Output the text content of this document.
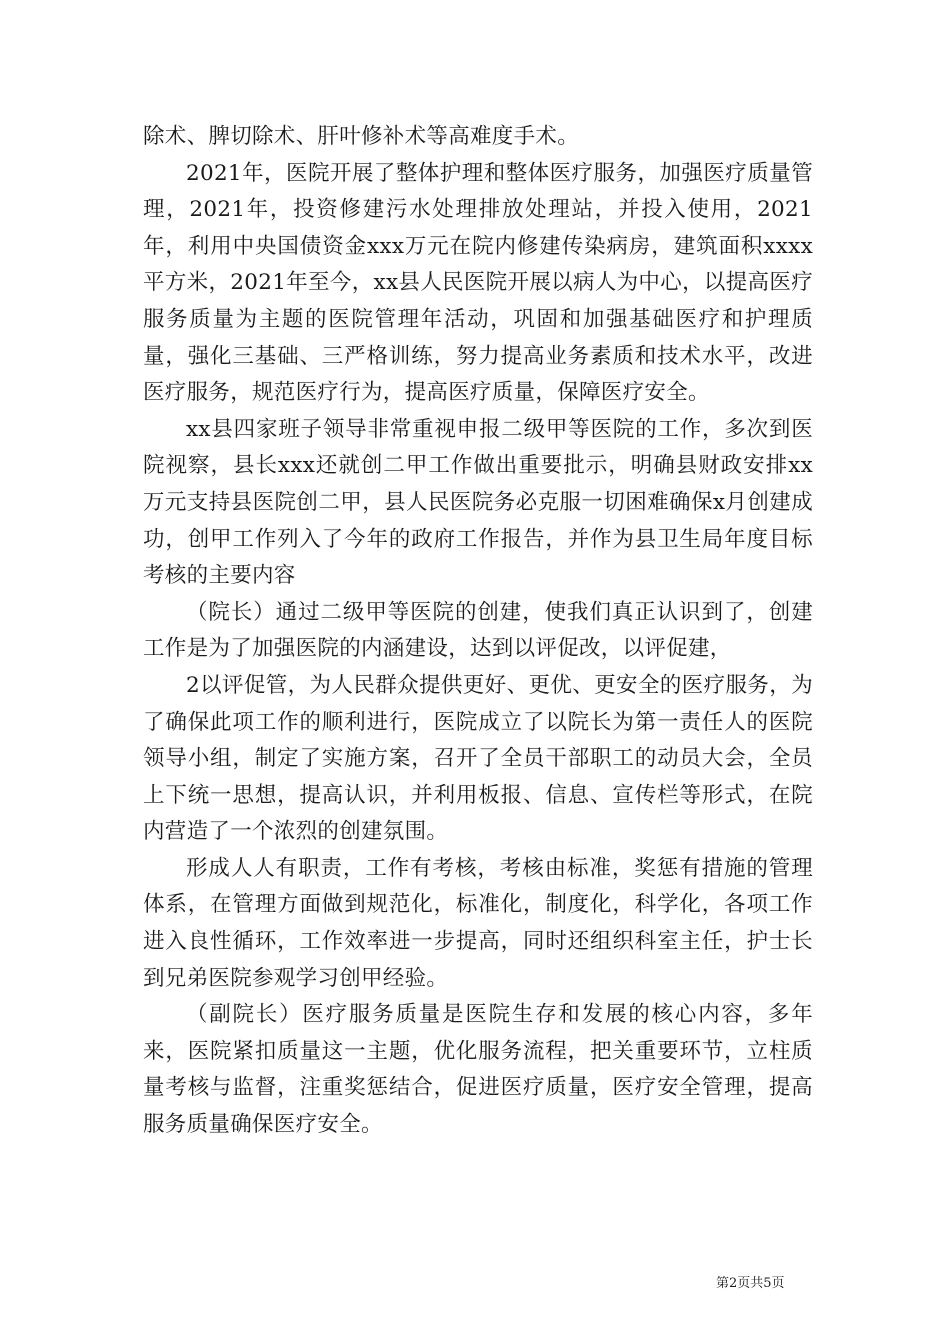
除术、脾切除术、肝叶修补术等高难度手术。

2021年，医院开展了整体护理和整体医疗服务，加强医疗质量管理，2021年，投资修建污水处理排放处理站，并投入使用，2021年，利用中央国债资金xxx万元在院内修建传染病房，建筑面积xxxx平方米，2021年至今，xx县人民医院开展以病人为中心，以提高医疗服务质量为主题的医院管理年活动，巩固和加强基础医疗和护理质量，强化三基础、三严格训练，努力提高业务素质和技术水平，改进医疗服务，规范医疗行为，提高医疗质量，保障医疗安全。

xx县四家班子领导非常重视申报二级甲等医院的工作，多次到医院视察，县长xxx还就创二甲工作做出重要批示，明确县财政安排xx万元支持县医院创二甲，县人民医院务必克服一切困难确保x月创建成功，创甲工作列入了今年的政府工作报告，并作为县卫生局年度目标考核的主要内容

（院长）通过二级甲等医院的创建，使我们真正认识到了，创建工作是为了加强医院的内涵建设，达到以评促改，以评促建，

2以评促管，为人民群众提供更好、更优、更安全的医疗服务，为了确保此项工作的顺利进行，医院成立了以院长为第一责任人的医院领导小组，制定了实施方案，召开了全员干部职工的动员大会，全员上下统一思想，提高认识，并利用板报、信息、宣传栏等形式，在院内营造了一个浓烈的创建氛围。

形成人人有职责，工作有考核，考核由标准，奖惩有措施的管理体系，在管理方面做到规范化，标准化，制度化，科学化，各项工作进入良性循环，工作效率进一步提高，同时还组织科室主任，护士长到兄弟医院参观学习创甲经验。

（副院长）医疗服务质量是医院生存和发展的核心内容，多年来，医院紧扣质量这一主题，优化服务流程，把关重要环节，立柱质量考核与监督，注重奖惩结合，促进医疗质量，医疗安全管理，提高服务质量确保医疗安全。

第2页共5页
